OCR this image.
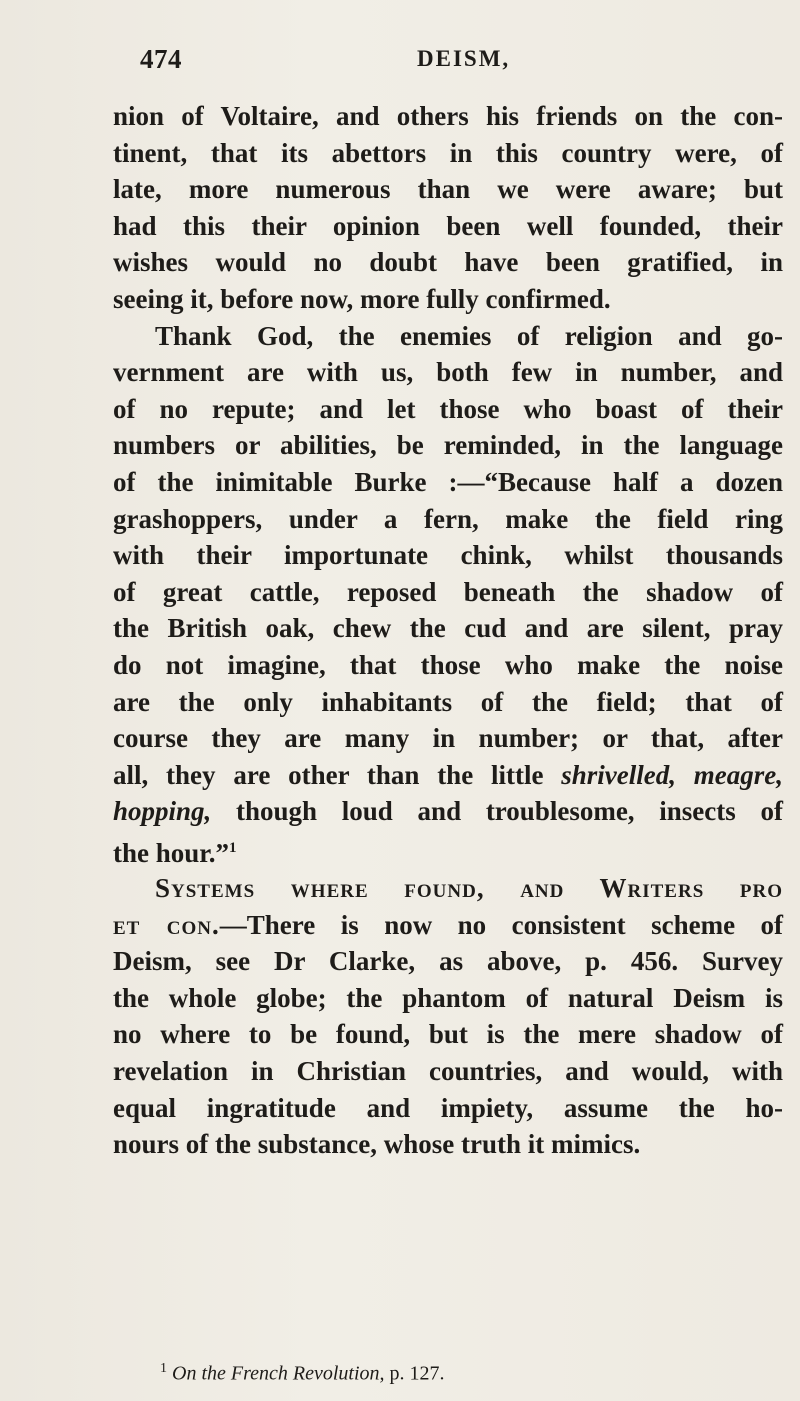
474	DEISM,
nion of Voltaire, and others his friends on the con-
tinent, that its abettors in this country were, of
late, more numerous than we were aware; but
had this their opinion been well founded, their
wishes would no doubt have been gratified, in
seeing it, before now, more fully confirmed.
Thank God, the enemies of religion and go-
vernment are with us, both few in number, and
of no repute; and let those who boast of their
numbers or abilities, be reminded, in the language
of the inimitable Burke :—“Because half a dozen
grashoppers, under a fern, make the field ring
with their importunate chink, whilst thousands
of great cattle, reposed beneath the shadow of
the British oak, chew the cud and are silent, pray
do not imagine, that those who make the noise
are the only inhabitants of the field; that of
course they are many in number; or that, after
all, they are other than the little shrivelled, meagre,
hopping, though loud and troublesome, insects of
the hour.”$^1$
Systems where found, and Writers pro
et con.—There is now no consistent scheme of
Deism, see Dr Clarke, as above, p. 456. Survey
the whole globe; the phantom of natural Deism is
no where to be found, but is the mere shadow of
revelation in Christian countries, and would, with
equal ingratitude and impiety, assume the ho-
nours of the substance, whose truth it mimics.
$^1$ On the French Revolution, p. 127.
